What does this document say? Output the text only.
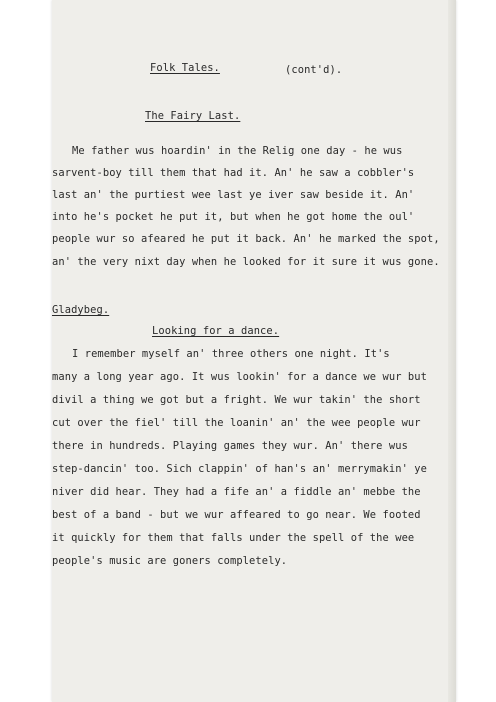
Folk Tales.	(cont'd).
The Fairy Last.
Me father wus hoardin' in the Relig one day - he wus
sarvent-boy till them that had it. An' he saw a cobbler's
last an' the purtiest wee last ye iver saw beside it. An'
into he's pocket he put it, but when he got home the oul'
people wur so afeared he put it back. An' he marked the spot,
an' the very nixt day when he looked for it sure it wus gone.
Gladybeg.
Looking for a dance.
I remember myself an' three others one night. It's
many a long year ago. It wus lookin' for a dance we wur but
divil a thing we got but a fright. We wur takin' the short
cut over the fiel' till the loanin' an' the wee people wur
there in hundreds. Playing games they wur. An' there wus
step-dancin' too. Sich clappin' of han's an' merrymakin' ye
niver did hear. They had a fife an' a fiddle an' mebbe the
best of a band - but we wur affeared to go near. We footed
it quickly for them that falls under the spell of the wee
people's music are goners completely.
